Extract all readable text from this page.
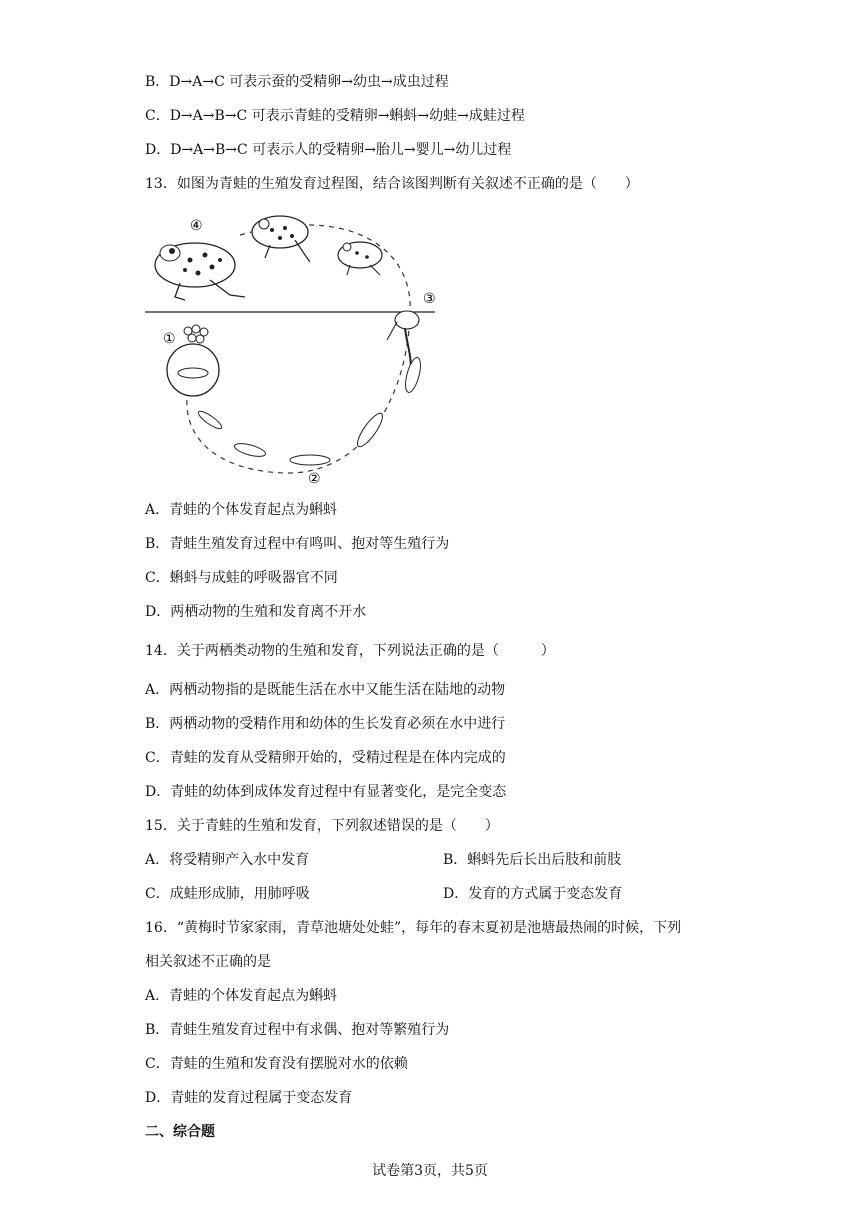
B．D→A→C 可表示蚕的受精卵→幼虫→成虫过程
C．D→A→B→C 可表示青蛙的受精卵→蝌蚪→幼蛙→成蛙过程
D．D→A→B→C 可表示人的受精卵→胎儿→婴儿→幼儿过程
13．如图为青蛙的生殖发育过程图，结合该图判断有关叙述不正确的是（　　）
①
②
③
④
A．青蛙的个体发育起点为蝌蚪
B．青蛙生殖发育过程中有鸣叫、抱对等生殖行为
C．蝌蚪与成蛙的呼吸器官不同
D．两栖动物的生殖和发育离不开水
14．关于两栖类动物的生殖和发育，下列说法正确的是（　　　）
A．两栖动物指的是既能生活在水中又能生活在陆地的动物
B．两栖动物的受精作用和幼体的生长发育必须在水中进行
C．青蛙的发育从受精卵开始的，受精过程是在体内完成的
D．青蛙的幼体到成体发育过程中有显著变化，是完全变态
15．关于青蛙的生殖和发育，下列叙述错误的是（　　）
A．将受精卵产入水中发育	B．蝌蚪先后长出后肢和前肢
C．成蛙形成肺，用肺呼吸	D．发育的方式属于变态发育
16．“黄梅时节家家雨，青草池塘处处蛙”，每年的春末夏初是池塘最热闹的时候，下列
相关叙述不正确的是
A．青蛙的个体发育起点为蝌蚪
B．青蛙生殖发育过程中有求偶、抱对等繁殖行为
C．青蛙的生殖和发育没有摆脱对水的依赖
D．青蛙的发育过程属于变态发育
二、综合题
试卷第3页，共5页
